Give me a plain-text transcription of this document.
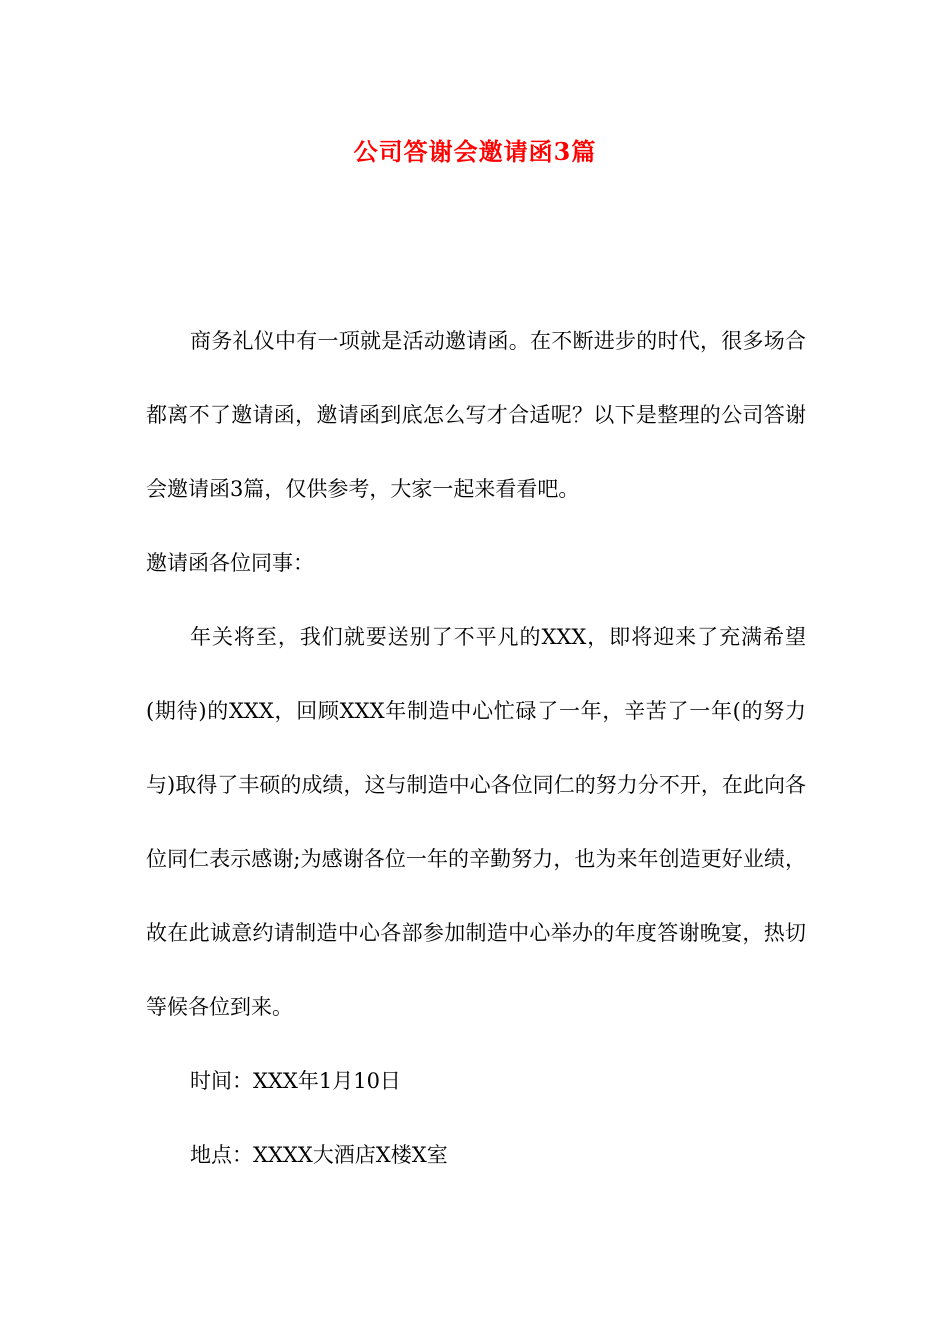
公司答谢会邀请函3篇

商务礼仪中有一项就是活动邀请函。在不断进步的时代，很多场合都离不了邀请函，邀请函到底怎么写才合适呢？以下是整理的公司答谢会邀请函3篇，仅供参考，大家一起来看看吧。

邀请函各位同事：

年关将至，我们就要送别了不平凡的XXX，即将迎来了充满希望(期待)的XXX，回顾XXX年制造中心忙碌了一年，辛苦了一年(的努力与)取得了丰硕的成绩，这与制造中心各位同仁的努力分不开，在此向各位同仁表示感谢;为感谢各位一年的辛勤努力，也为来年创造更好业绩，故在此诚意约请制造中心各部参加制造中心举办的年度答谢晚宴，热切等候各位到来。

时间：XXX年1月10日

地点：XXXX大酒店X楼X室
